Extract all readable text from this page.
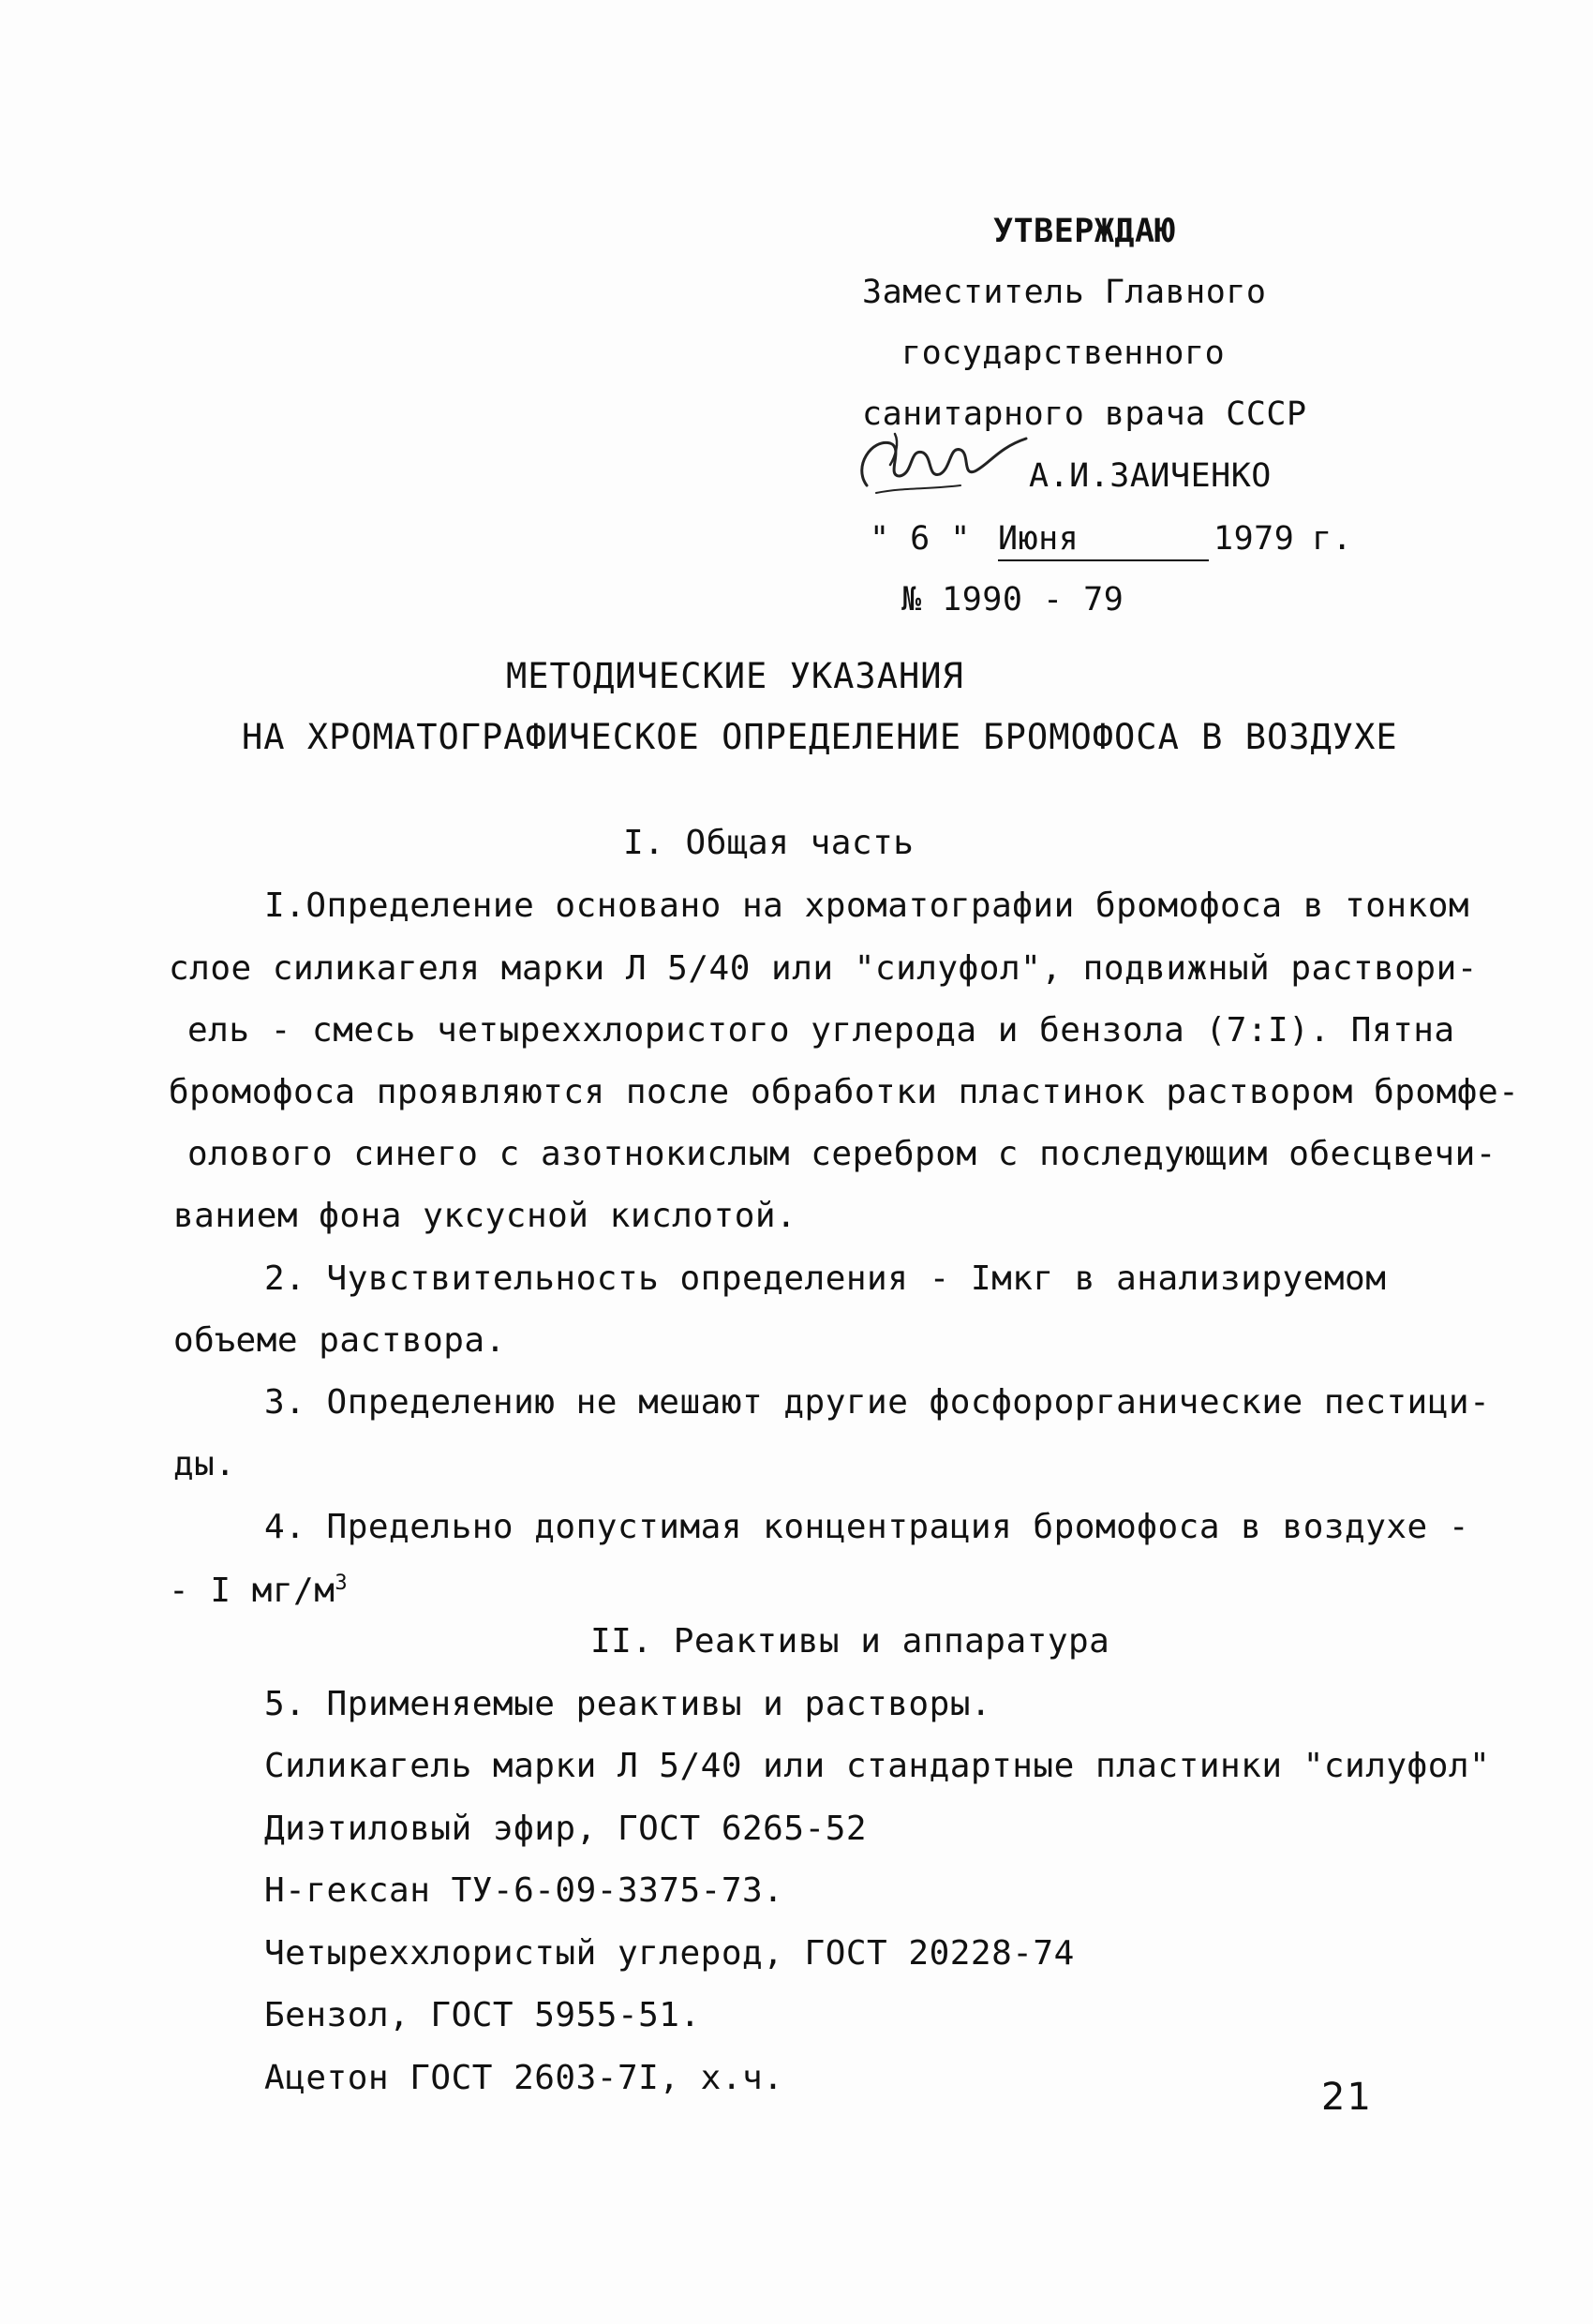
УТВЕРЖДАЮ
Заместитель Главного
государственного
санитарного врача СССР
А.И.ЗАИЧЕНКО
" 6 " Июня	1979 г.
№ 1990 - 79
МЕТОДИЧЕСКИЕ УКАЗАНИЯ
НА ХРОМАТОГРАФИЧЕСКОЕ ОПРЕДЕЛЕНИЕ БРОМОФОСА В ВОЗДУХЕ
I. Общая часть
I.Определение основано на хроматографии бромофоса в тонком
слое силикагеля марки Л 5/40 или "силуфол", подвижный раствори-
ель - смесь четыреххлористого углерода и бензола (7:I). Пятна
бромофоса проявляются после обработки пластинок раствором бромфе-
олового синего с азотнокислым серебром с последующим обесцвечи-
ванием фона уксусной кислотой.
2. Чувствительность определения - Iмкг в анализируемом
объеме раствора.
3. Определению не мешают другие фосфорорганические пестици-
ды.
4. Предельно допустимая концентрация бромофоса в воздухе -
- I $мг/м^3$
II. Реактивы и аппаратура
5. Применяемые реактивы и растворы.
Силикагель марки Л 5/40 или стандартные пластинки "силуфол"
Диэтиловый эфир, ГОСТ 6265-52
Н-гексан ТУ-6-09-3375-73.
Четыреххлористый углерод, ГОСТ 20228-74
Бензол, ГОСТ 5955-51.
Ацетон ГОСТ 2603-7I, х.ч.	21
